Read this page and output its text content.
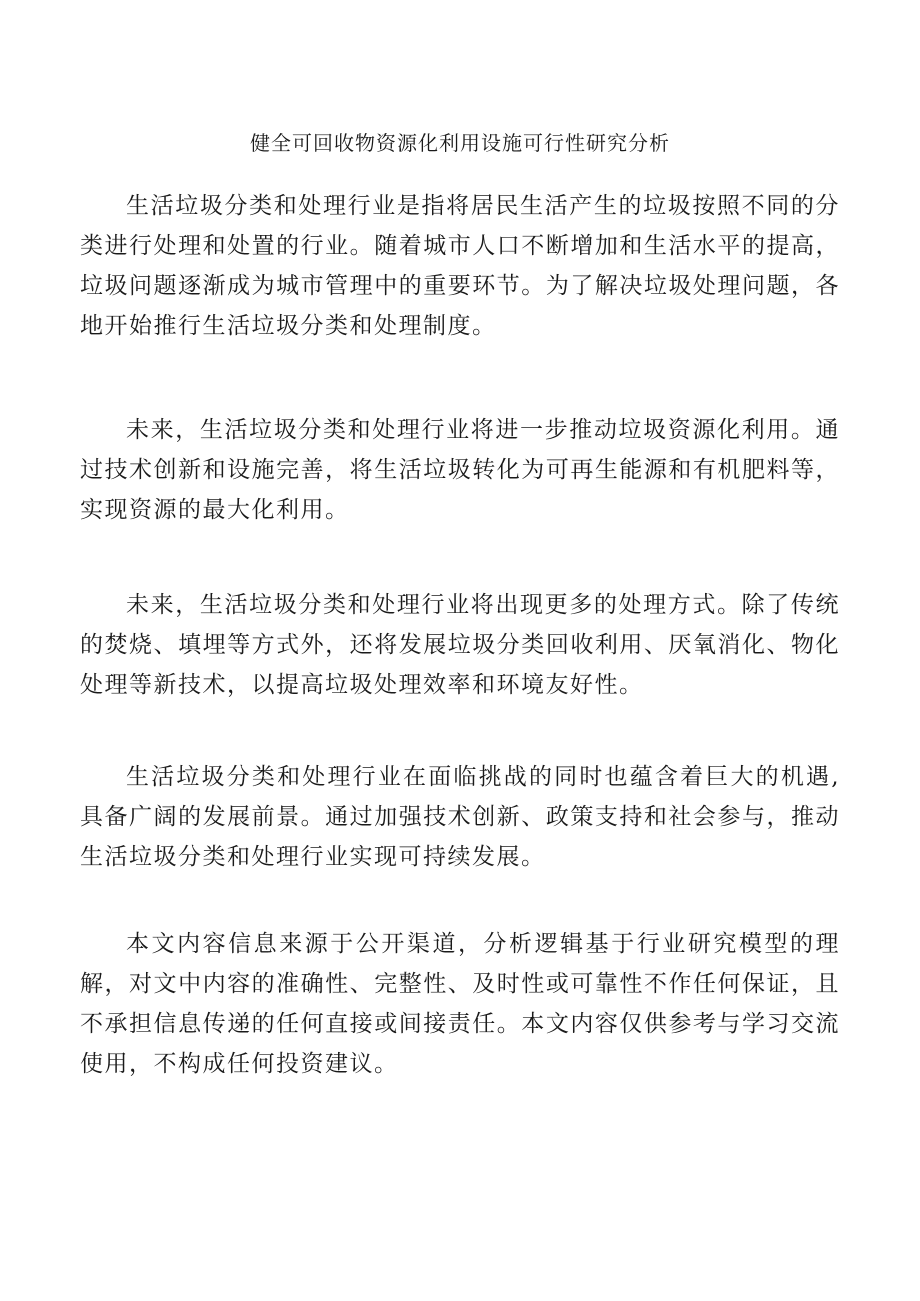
健全可回收物资源化利用设施可行性研究分析

生活垃圾分类和处理行业是指将居民生活产生的垃圾按照不同的分类进行处理和处置的行业。随着城市人口不断增加和生活水平的提高，垃圾问题逐渐成为城市管理中的重要环节。为了解决垃圾处理问题，各地开始推行生活垃圾分类和处理制度。

未来，生活垃圾分类和处理行业将进一步推动垃圾资源化利用。通过技术创新和设施完善，将生活垃圾转化为可再生能源和有机肥料等，实现资源的最大化利用。

未来，生活垃圾分类和处理行业将出现更多的处理方式。除了传统的焚烧、填埋等方式外，还将发展垃圾分类回收利用、厌氧消化、物化处理等新技术，以提高垃圾处理效率和环境友好性。

生活垃圾分类和处理行业在面临挑战的同时也蕴含着巨大的机遇,具备广阔的发展前景。通过加强技术创新、政策支持和社会参与，推动生活垃圾分类和处理行业实现可持续发展。

本文内容信息来源于公开渠道，分析逻辑基于行业研究模型的理解，对文中内容的准确性、完整性、及时性或可靠性不作任何保证，且不承担信息传递的任何直接或间接责任。本文内容仅供参考与学习交流使用，不构成任何投资建议。
